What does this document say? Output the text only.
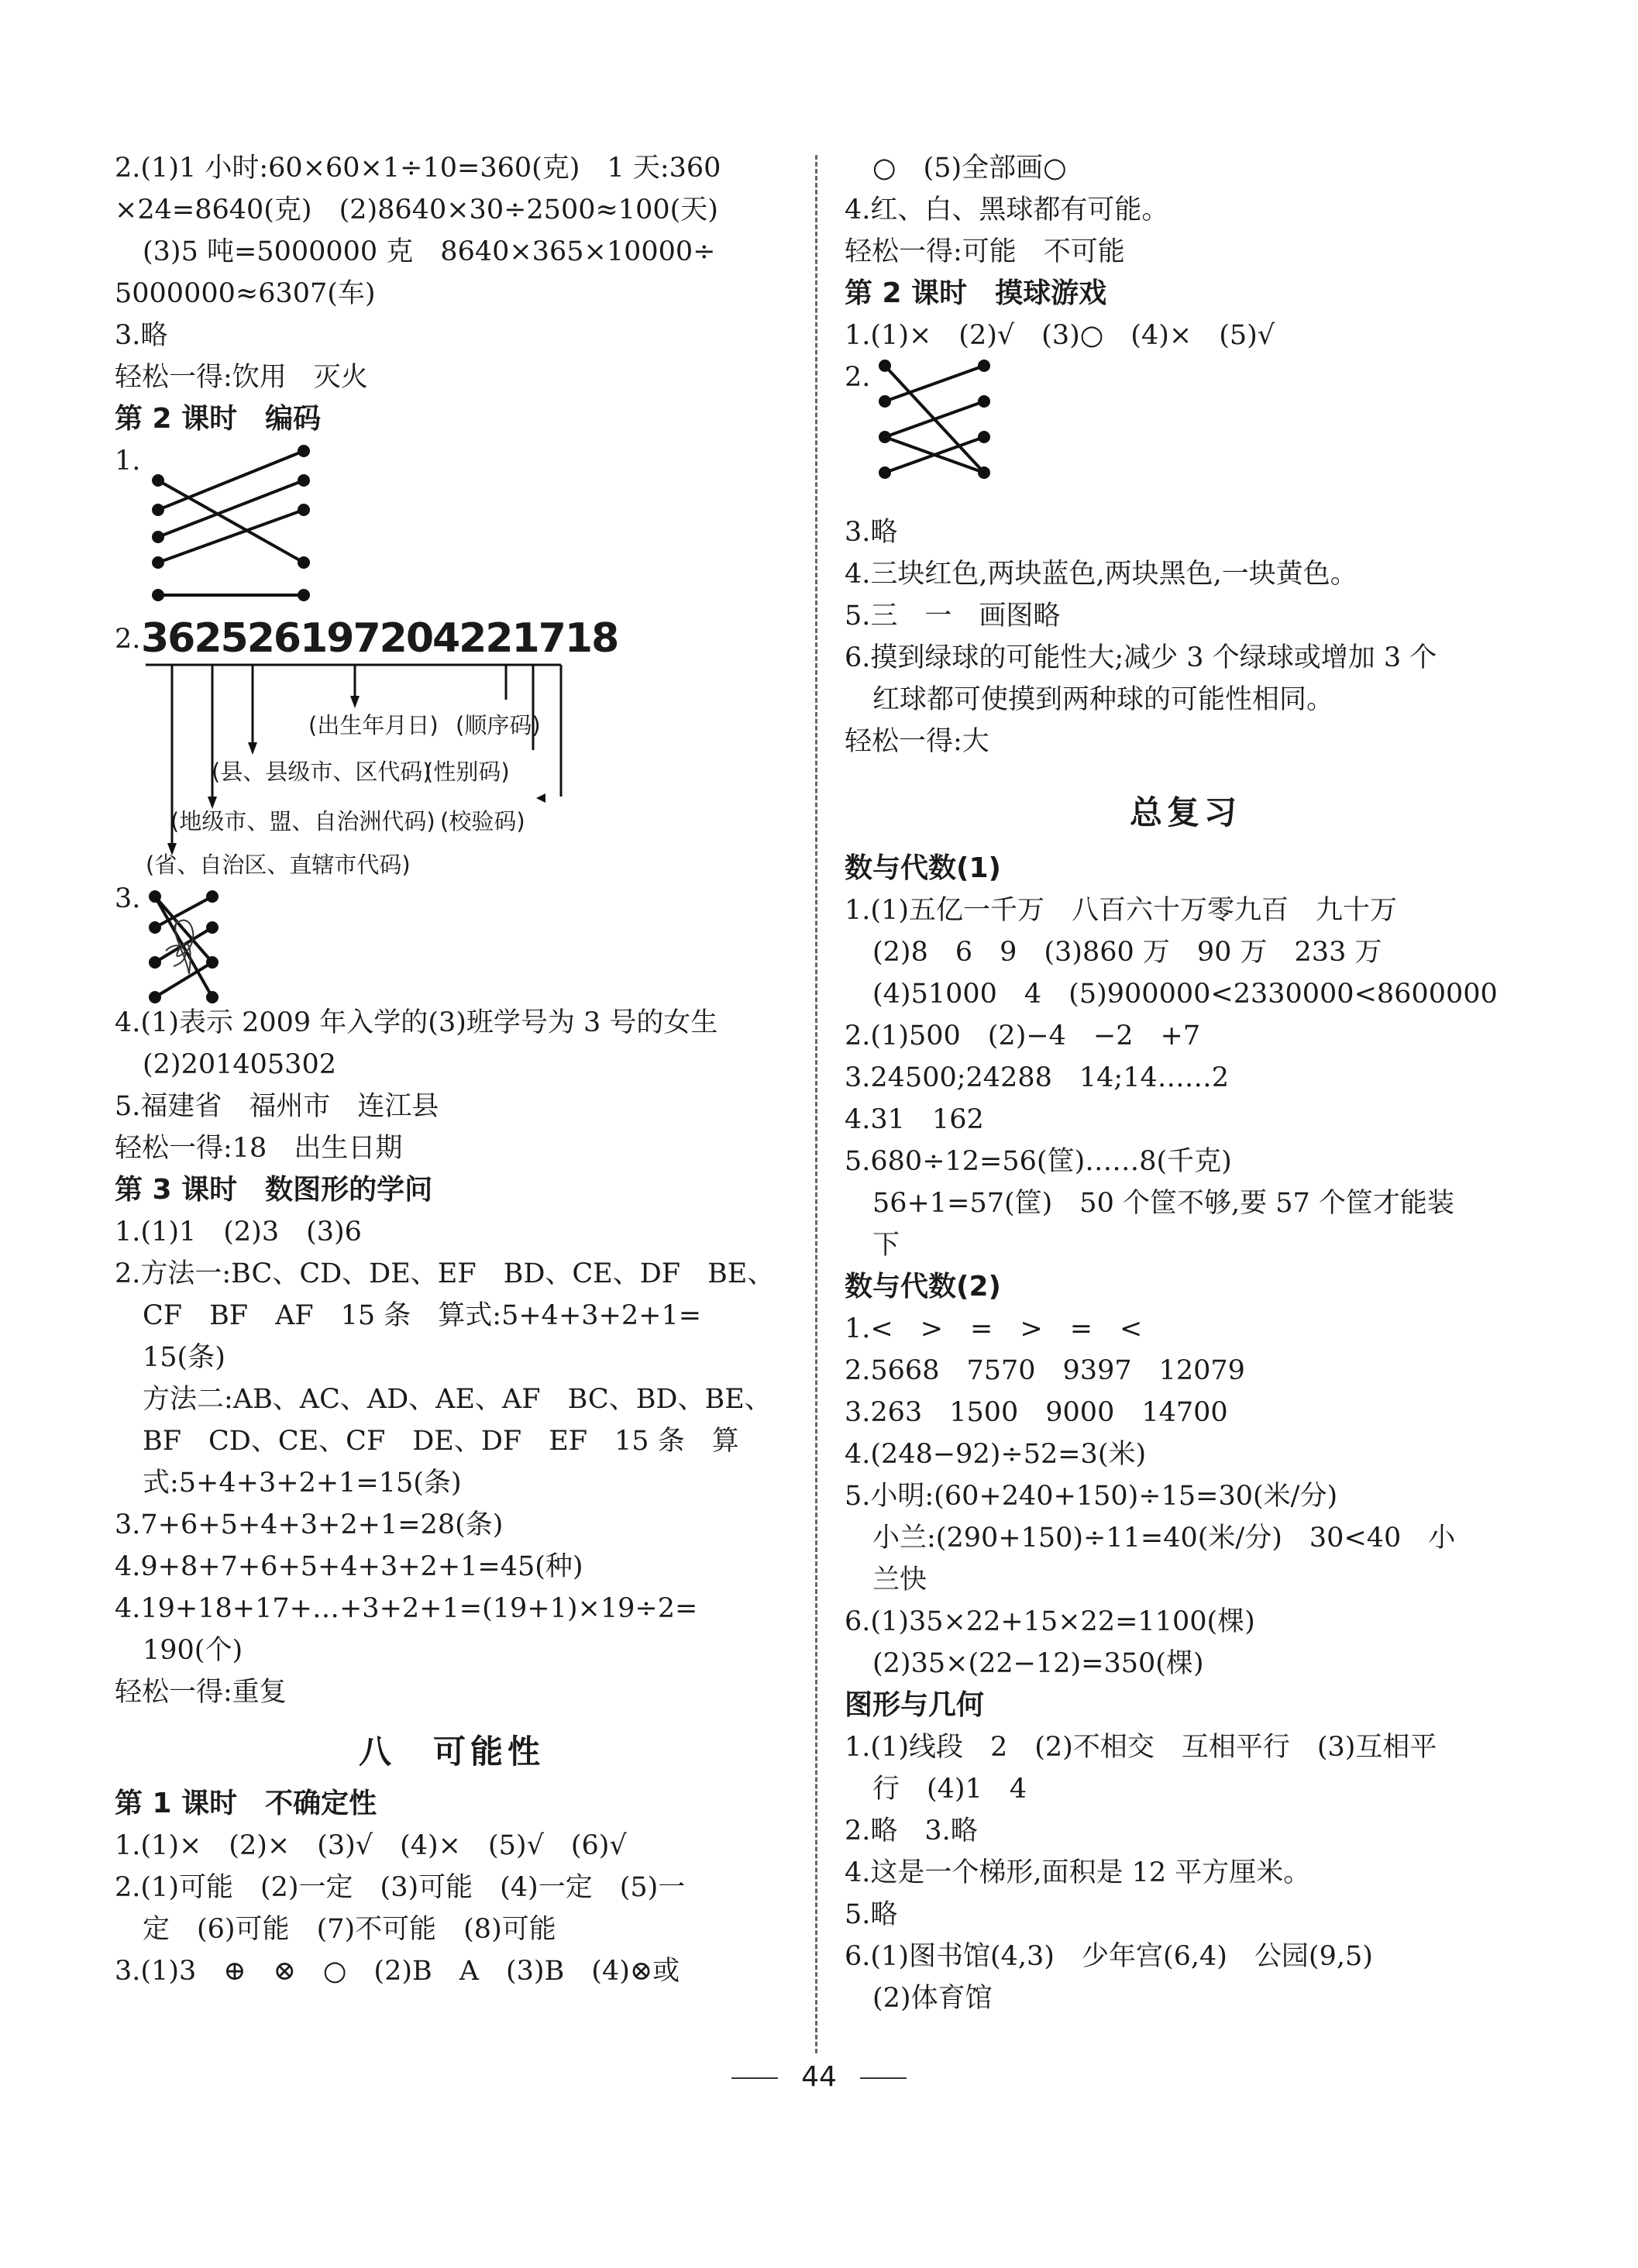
2.(1)1 小时:60×60×1÷10=360(克)　1 天:360
×24=8640(克)　(2)8640×30÷2500≈100(天)
(3)5 吨=5000000 克　8640×365×10000÷
5000000≈6307(车)
3.略
轻松一得:饮用　灭火
第 2 课时　编码
1.
2. 362526197204221718
(出生年月日) (顺序码)
(县、县级市、区代码)
(性别码)
(地级市、盟、自治洲代码) (校验码)
(省、自治区、直辖市代码)
3.
4.(1)表示 2009 年入学的(3)班学号为 3 号的女生
(2)201405302
5.福建省　福州市　连江县
轻松一得:18　出生日期
第 3 课时　数图形的学问
1.(1)1　(2)3　(3)6
2.方法一:BC、CD、DE、EF　BD、CE、DF　BE、
CF　BF　AF　15 条　算式:5+4+3+2+1=
15(条)
方法二:AB、AC、AD、AE、AF　BC、BD、BE、
BF　CD、CE、CF　DE、DF　EF　15 条　算
式:5+4+3+2+1=15(条)
3.7+6+5+4+3+2+1=28(条)
4.9+8+7+6+5+4+3+2+1=45(种)
4.19+18+17+…+3+2+1=(19+1)×19÷2=
190(个)
轻松一得:重复
八　可能性
第 1 课时　不确定性
1.(1)×　(2)×　(3)√　(4)×　(5)√　(6)√
2.(1)可能　(2)一定　(3)可能　(4)一定　(5)一
定　(6)可能　(7)不可能　(8)可能
3.(1)3　⊕　⊗　○　(2)B　A　(3)B　(4)⊗或
○　(5)全部画○
4.红、白、黑球都有可能。
轻松一得:可能　不可能
第 2 课时　摸球游戏
1.(1)×　(2)√　(3)○　(4)×　(5)√
2.
3.略
4.三块红色,两块蓝色,两块黑色,一块黄色。
5.三　一　画图略
6.摸到绿球的可能性大;减少 3 个绿球或增加 3 个
红球都可使摸到两种球的可能性相同。
轻松一得:大
总复习
数与代数(1)
1.(1)五亿一千万　八百六十万零九百　九十万
(2)8　6　9　(3)860 万　90 万　233 万
(4)51000　4　(5)900000<2330000<8600000
2.(1)500　(2)−4　−2　+7
3.24500;24288　14;14……2
4.31　162
5.680÷12=56(筐)……8(千克)
56+1=57(筐)　50 个筐不够,要 57 个筐才能装
下
数与代数(2)
1.<　>　=　>　=　<
2.5668　7570　9397　12079
3.263　1500　9000　14700
4.(248−92)÷52=3(米)
5.小明:(60+240+150)÷15=30(米/分)
小兰:(290+150)÷11=40(米/分)　30<40　小
兰快
6.(1)35×22+15×22=1100(棵)
(2)35×(22−12)=350(棵)
图形与几何
1.(1)线段　2　(2)不相交　互相平行　(3)互相平
行　(4)1　4
2.略　3.略
4.这是一个梯形,面积是 12 平方厘米。
5.略
6.(1)图书馆(4,3)　少年宫(6,4)　公园(9,5)
(2)体育馆
44
